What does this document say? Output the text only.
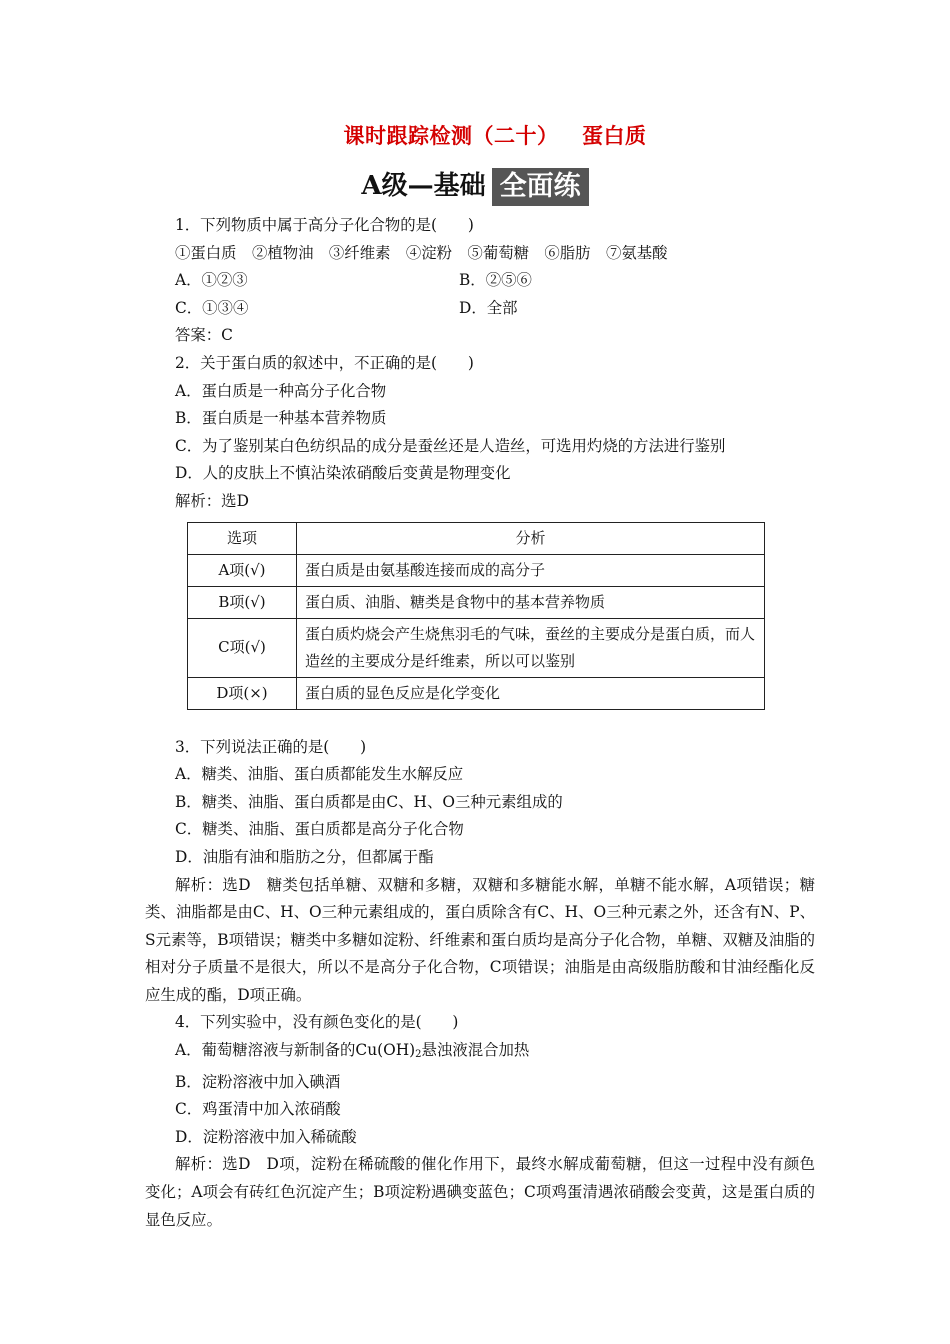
课时跟踪检测（二十）   蛋白质
A级—基础 全面练
1．下列物质中属于高分子化合物的是(　　)
①蛋白质　②植物油　③纤维素　④淀粉　⑤葡萄糖　⑥脂肪　⑦氨基酸
A．①②③	B．②⑤⑥
C．①③④	D．全部
答案：C
2．关于蛋白质的叙述中，不正确的是(　　)
A．蛋白质是一种高分子化合物
B．蛋白质是一种基本营养物质
C．为了鉴别某白色纺织品的成分是蚕丝还是人造丝，可选用灼烧的方法进行鉴别
D．人的皮肤上不慎沾染浓硝酸后变黄是物理变化
解析：选D
选项	分析
A项(√)	蛋白质是由氨基酸连接而成的高分子
B项(√)	蛋白质、油脂、糖类是食物中的基本营养物质
C项(√)	蛋白质灼烧会产生烧焦羽毛的气味，蚕丝的主要成分是蛋白质，而人造丝的主要成分是纤维素，所以可以鉴别
D项(×)	蛋白质的显色反应是化学变化
3．下列说法正确的是(　　)
A．糖类、油脂、蛋白质都能发生水解反应
B．糖类、油脂、蛋白质都是由C、H、O三种元素组成的
C．糖类、油脂、蛋白质都是高分子化合物
D．油脂有油和脂肪之分，但都属于酯
解析：选D　糖类包括单糖、双糖和多糖，双糖和多糖能水解，单糖不能水解，A项错误；糖类、油脂都是由C、H、O三种元素组成的，蛋白质除含有C、H、O三种元素之外，还含有N、P、S元素等，B项错误；糖类中多糖如淀粉、纤维素和蛋白质均是高分子化合物，单糖、双糖及油脂的相对分子质量不是很大，所以不是高分子化合物，C项错误；油脂是由高级脂肪酸和甘油经酯化反应生成的酯，D项正确。
4．下列实验中，没有颜色变化的是(　　)
A．葡萄糖溶液与新制备的$Cu(OH)_2$悬浊液混合加热
B．淀粉溶液中加入碘酒
C．鸡蛋清中加入浓硝酸
D．淀粉溶液中加入稀硫酸
解析：选D　D项，淀粉在稀硫酸的催化作用下，最终水解成葡萄糖，但这一过程中没有颜色变化；A项会有砖红色沉淀产生；B项淀粉遇碘变蓝色；C项鸡蛋清遇浓硝酸会变黄，这是蛋白质的显色反应。
